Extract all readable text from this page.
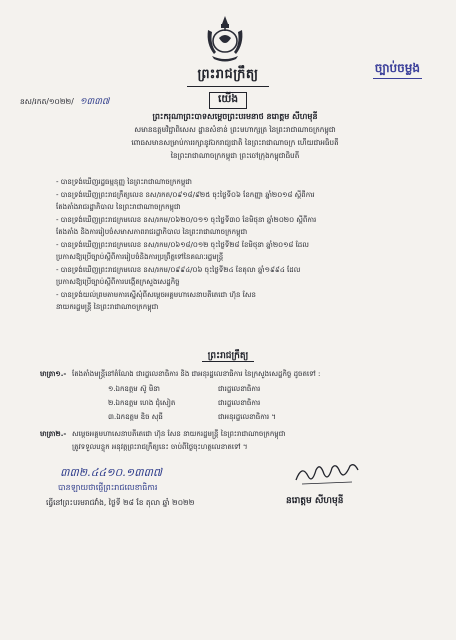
ព្រះរាជក្រឹត្យ	ច្បាប់ចម្លង
នស/រកត/១០២២/ ១៣៣៧	យើង
ព្រះករុណាព្រះបាទសម្ដេចព្រះបរមនាថ នរោត្តម សីហមុនី
សមានឧត្តមវិជ្ជាពិសេស ដ្ឋានសំខាន់ ព្រះមហាក្សត្រ នៃព្រះរាជាណាចក្រកម្ពុជា
ពោធសមានសម្រាប់ការរក្សានូវឯករាជ្យជាតិ នៃព្រះរាជាណាចក្រ ហើយជាអធិបតី
នៃព្រះរាជាណាចក្រកម្ពុជា ព្រះចៅក្រុងកម្ពុជាធិបតី
- បានទ្រង់ឃើញរដ្ឋធម្មនុញ្ញ នៃព្រះរាជាណាចក្រកម្ពុជា
- បានទ្រង់ឃើញព្រះរាជក្រឹត្យលេខ នស/រកត/០៩១៨/៩២៥ ចុះថ្ងៃទី០៦ ខែកញ្ញា ឆ្នាំ២០១៨ ស្ដីពីការ
តែងតាំងរាជរដ្ឋាភិបាល នៃព្រះរាជាណាចក្រកម្ពុជា
- បានទ្រង់ឃើញព្រះរាជក្រមលេខ នស/រកម/០៦២០/០១១ ចុះថ្ងៃទី៣០ ខែមិថុនា ឆ្នាំ២០២០ ស្ដីពីការ
តែងតាំង និងការរៀបចំសមាសភាពរាជរដ្ឋាភិបាល នៃព្រះរាជាណាចក្រកម្ពុជា
- បានទ្រង់ឃើញព្រះរាជក្រមលេខ នស/រកម/០៦១៨/០១២ ចុះថ្ងៃទី២៨ ខែមិថុនា ឆ្នាំ២០១៨ ដែល
ប្រកាសឱ្យប្រើច្បាប់ស្ដីពីការរៀបចំនិងការប្រព្រឹត្តទៅនៃគណៈរដ្ឋមន្ត្រី
- បានទ្រង់ឃើញព្រះរាជក្រមលេខ នស/រកម/០៩៩៤/០៦ ចុះថ្ងៃទី២៤ ខែតុលា ឆ្នាំ១៩៩៤ ដែល
ប្រកាសឱ្យប្រើច្បាប់ស្ដីពីការបង្កើតក្រសួងសេដ្ឋកិច្ច
- បានទ្រង់យល់ព្រមតាមការស្នើសុំពីសម្ដេចអគ្គមហាសេនាបតីតេជោ ហ៊ុន សែន
នាយករដ្ឋមន្ត្រី នៃព្រះរាជាណាចក្រកម្ពុជា
ព្រះរាជក្រឹត្យ
មាត្រា១.- តែងតាំងមន្ត្រីនៅតំណែង ជារដ្ឋលេខាធិការ និង ជាអនុរដ្ឋលេខាធិការ នៃក្រសួងសេដ្ឋកិច្ច ដូចតទៅ :
១.ឯកឧត្តម ស៊ូ មិនា	ជារដ្ឋលេខាធិការ
២.ឯកឧត្តម ហេង ជុំសៀត	ជារដ្ឋលេខាធិការ
៣.ឯកឧត្តម ឌិច សុធី	ជាអនុរដ្ឋលេខាធិការ ។
មាត្រា២.- សម្ដេចអគ្គមហាសេនាបតីតេជោ ហ៊ុន សែន នាយករដ្ឋមន្ត្រី នៃព្រះរាជាណាចក្រកម្ពុជា
ត្រូវទទួលបន្ទុក អនុវត្តព្រះរាជក្រឹត្យនេះ ចាប់ពីថ្ងៃចុះហត្ថលេខាតទៅ ។
៣៣២.៤៤១០.១៣៣៧
បានឡាយថាផ្ញើព្រះរាជលេខាធិការ
ធ្វើនៅព្រះបរមរាជវាំង, ថ្ងៃទី ២៨ ខែ តុលា ឆ្នាំ ២០២២	នរោត្តម សីហមុនី
